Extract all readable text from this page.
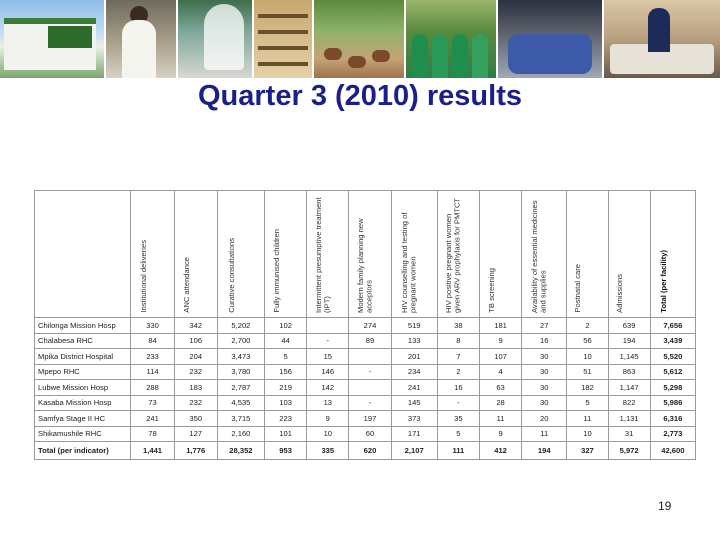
Quarter 3 (2010) results

	Institutional deliveries	ANC attendance	Curative consultations	Fully immunised children	Intermittent presumptive treatment (IPT)	Modern family planning new acceptors	HIV counselling and testing of pregnant women	HIV positive pregnant women given ARV prophylaxis for PMTCT	TB screening	Availability of essential medicines and supplies	Postnatal care	Admissions	Total (per facility)

Chilonga Mission Hosp	330	342	5,202	102		274	519	38	181	27	2	639	7,656
Chalabesa RHC	84	106	2,700	44	-	89	133	8	9	16	56	194	3,439
Mpika District Hospital	233	204	3,473	5	15		201	7	107	30	10	1,145	5,520
Mpepo RHC	114	232	3,780	156	146	-	234	2	4	30	51	863	5,612
Lubwe Mission Hosp	288	183	2,787	219	142		241	16	63	30	182	1,147	5,298
Kasaba Mission Hosp	73	232	4,535	103	13	-	145	-	28	30	5	822	5,986
Samfya Stage II HC	241	350	3,715	223	9	197	373	35	11	20	11	1,131	6,316
Shikamushile RHC	78	127	2,160	101	10	60	171	5	9	11	10	31	2,773
Total (per indicator)	1,441	1,776	28,352	953	335	620	2,107	111	412	194	327	5,972	42,600
19
